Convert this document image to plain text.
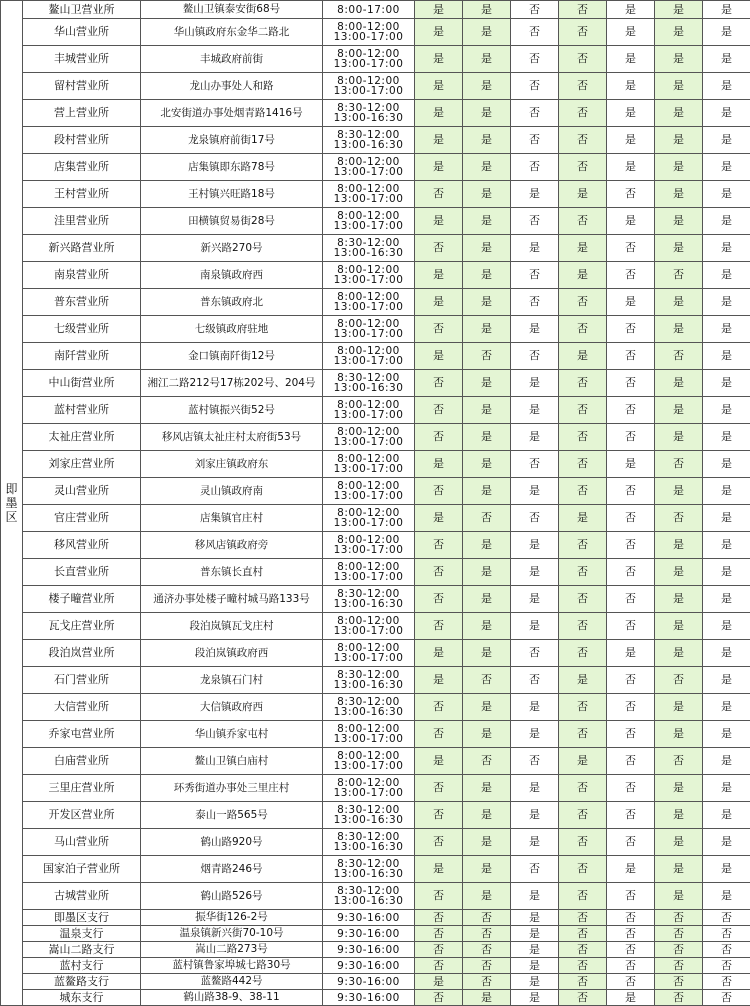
即
墨
区	鳌山卫营业所	鳌山卫镇泰安街68号	8:00-17:00	是	是	否	否	是	是	是
	华山营业所	华山镇政府东金华二路北	8:00-12:00
13:00-17:00	是	是	否	否	是	是	是
	丰城营业所	丰城政府前街	8:00-12:00
13:00-17:00	是	是	否	否	是	是	是
	留村营业所	龙山办事处人和路	8:00-12:00
13:00-17:00	是	是	否	否	是	是	是
	营上营业所	北安街道办事处烟青路1416号	8:30-12:00
13:00-16:30	是	是	否	否	是	是	是
	段村营业所	龙泉镇府前街17号	8:30-12:00
13:00-16:30	是	是	否	否	是	是	是
	店集营业所	店集镇即东路78号	8:00-12:00
13:00-17:00	是	是	否	否	是	是	是
	王村营业所	王村镇兴旺路18号	8:00-12:00
13:00-17:00	否	是	是	是	否	是	是
	洼里营业所	田横镇贸易街28号	8:00-12:00
13:00-17:00	是	是	否	否	是	是	是
	新兴路营业所	新兴路270号	8:30-12:00
13:00-16:30	否	是	是	是	否	是	是
	南泉营业所	南泉镇政府西	8:00-12:00
13:00-17:00	是	是	否	是	否	否	是
	普东营业所	普东镇政府北	8:00-12:00
13:00-17:00	是	是	否	否	是	是	是
	七级营业所	七级镇政府驻地	8:00-12:00
13:00-17:00	否	是	是	否	否	是	是
	南阡营业所	金口镇南阡街12号	8:00-12:00
13:00-17:00	是	否	否	是	否	否	是
	中山街营业所	湘江二路212号17栋202号、204号	8:30-12:00
13:00-16:30	否	是	是	否	否	是	是
	蓝村营业所	蓝村镇振兴街52号	8:00-12:00
13:00-17:00	否	是	是	否	否	是	是
	太祉庄营业所	移风店镇太祉庄村太府街53号	8:00-12:00
13:00-17:00	否	是	是	否	否	是	是
	刘家庄营业所	刘家庄镇政府东	8:00-12:00
13:00-17:00	是	是	否	否	是	否	是
	灵山营业所	灵山镇政府南	8:00-12:00
13:00-17:00	否	是	是	否	否	是	是
	官庄营业所	店集镇官庄村	8:00-12:00
13:00-17:00	是	否	否	是	否	否	是
	移风营业所	移风店镇政府旁	8:00-12:00
13:00-17:00	否	是	是	否	否	是	是
	长直营业所	普东镇长直村	8:00-12:00
13:00-17:00	否	是	是	否	否	是	是
	楼子疃营业所	通济办事处楼子疃村城马路133号	8:30-12:00
13:00-16:30	否	是	是	否	否	是	是
	瓦戈庄营业所	段泊岚镇瓦戈庄村	8:00-12:00
13:00-17:00	否	是	是	否	否	是	是
	段泊岚营业所	段泊岚镇政府西	8:00-12:00
13:00-17:00	是	是	否	否	是	是	是
	石门营业所	龙泉镇石门村	8:30-12:00
13:00-16:30	是	否	否	是	否	否	是
	大信营业所	大信镇政府西	8:30-12:00
13:00-16:30	否	是	是	否	否	是	是
	乔家屯营业所	华山镇乔家屯村	8:00-12:00
13:00-17:00	否	是	是	否	否	是	是
	白庙营业所	鳌山卫镇白庙村	8:00-12:00
13:00-17:00	是	否	否	是	否	否	是
	三里庄营业所	环秀街道办事处三里庄村	8:00-12:00
13:00-17:00	否	是	是	否	否	是	是
	开发区营业所	泰山一路565号	8:30-12:00
13:00-16:30	否	是	是	否	否	是	是
	马山营业所	鹤山路920号	8:30-12:00
13:00-16:30	否	是	是	否	否	是	是
	国家泊子营业所	烟青路246号	8:30-12:00
13:00-16:30	是	是	否	否	是	是	是
	古城营业所	鹤山路526号	8:30-12:00
13:00-16:30	否	是	是	否	否	是	是
	即墨区支行	振华街126-2号	9:30-16:00	否	否	是	否	否	否	否
	温泉支行	温泉镇新兴街70-10号	9:30-16:00	否	否	是	否	否	否	否
	嵩山二路支行	嵩山二路273号	9:30-16:00	否	否	是	否	否	否	否
	蓝村支行	蓝村镇鲁家埠城七路30号	9:30-16:00	否	否	是	否	否	否	否
	蓝鳌路支行	蓝鳌路442号	9:30-16:00	是	否	是	否	否	否	否
	城东支行	鹤山路38-9、38-11	9:30-16:00	否	是	是	否	是	否	否
